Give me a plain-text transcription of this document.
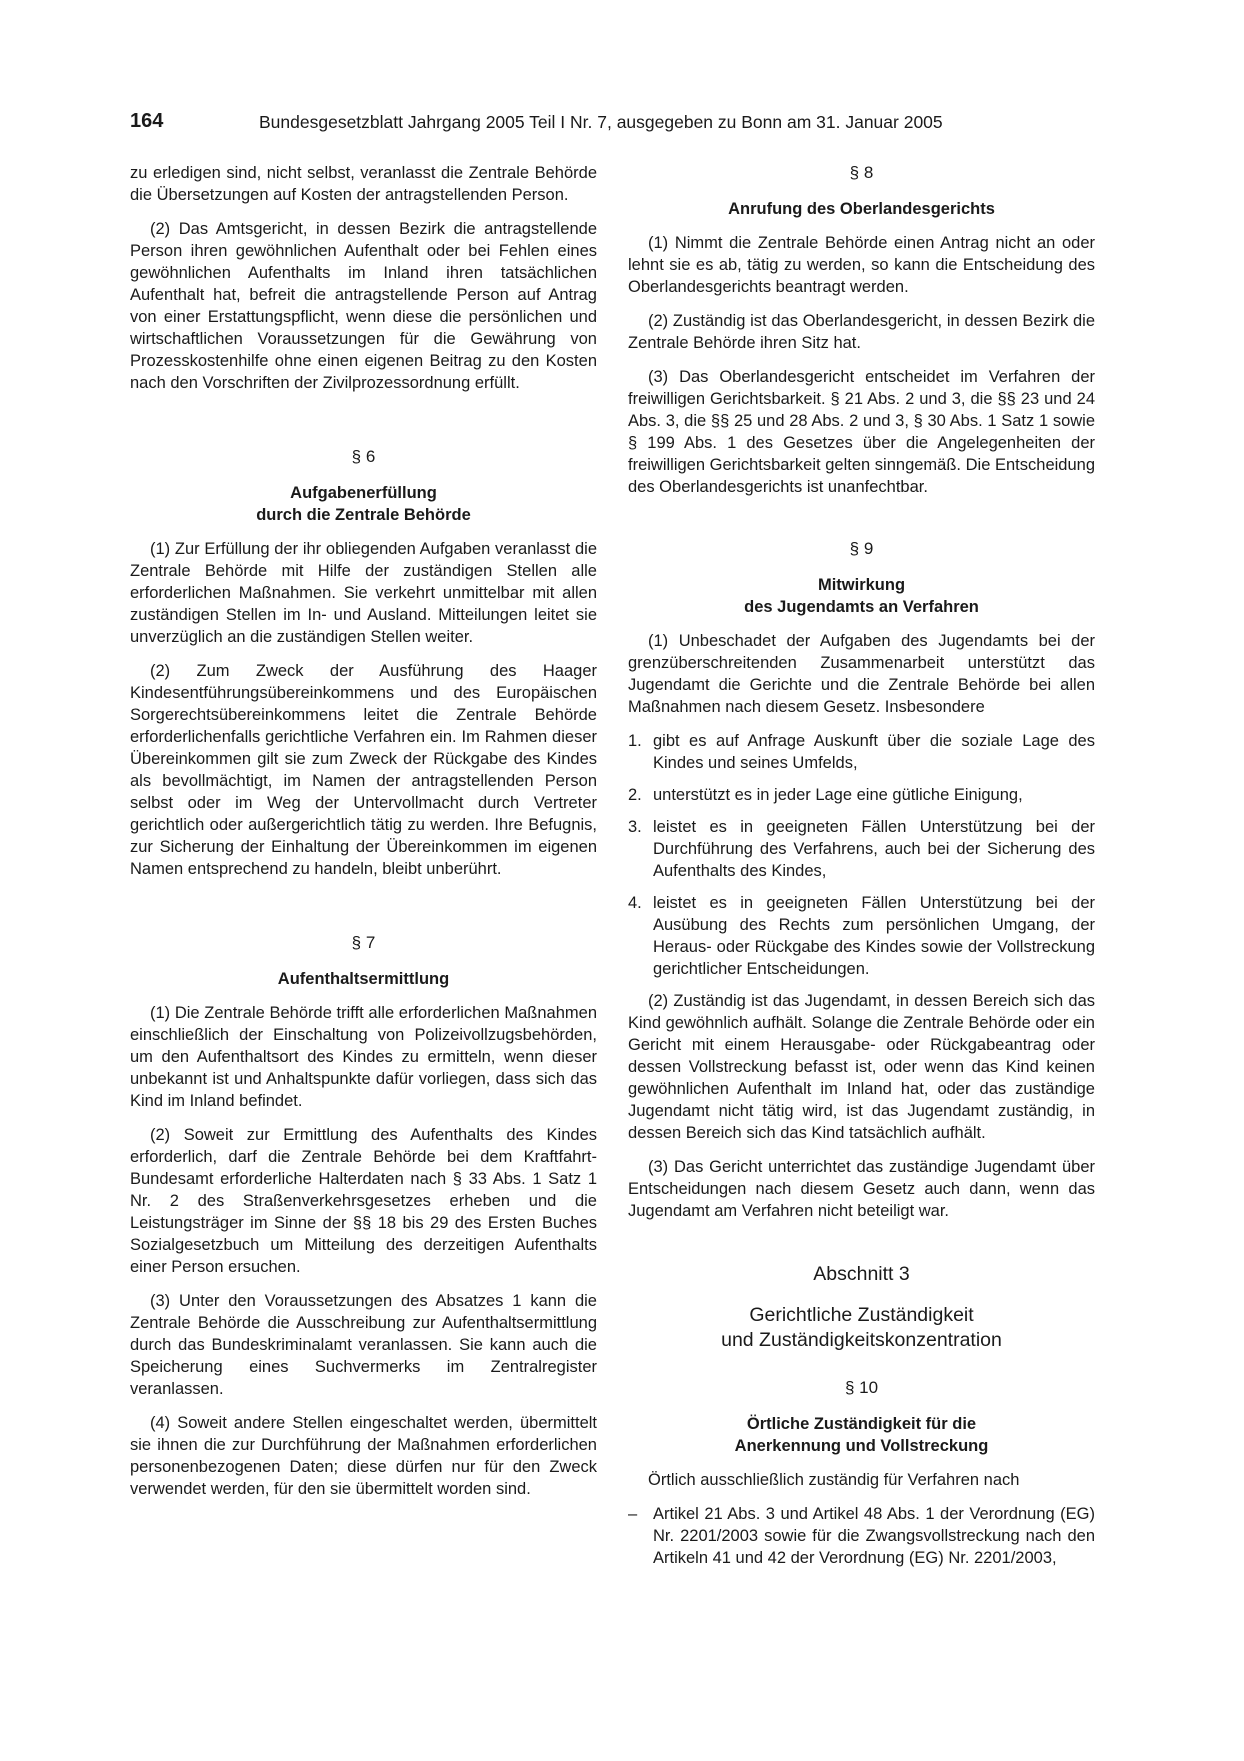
164	Bundesgesetzblatt Jahrgang 2005 Teil I Nr. 7, ausgegeben zu Bonn am 31. Januar 2005

zu erledigen sind, nicht selbst, veranlasst die Zentrale Behörde die Übersetzungen auf Kosten der antragstellenden Person.

(2) Das Amtsgericht, in dessen Bezirk die antragstellende Person ihren gewöhnlichen Aufenthalt oder bei Fehlen eines gewöhnlichen Aufenthalts im Inland ihren tatsächlichen Aufenthalt hat, befreit die antragstellende Person auf Antrag von einer Erstattungspflicht, wenn diese die persönlichen und wirtschaftlichen Voraussetzungen für die Gewährung von Prozesskostenhilfe ohne einen eigenen Beitrag zu den Kosten nach den Vorschriften der Zivilprozessordnung erfüllt.

§ 6
Aufgabenerfüllung
durch die Zentrale Behörde

(1) Zur Erfüllung der ihr obliegenden Aufgaben veranlasst die Zentrale Behörde mit Hilfe der zuständigen Stellen alle erforderlichen Maßnahmen. Sie verkehrt unmittelbar mit allen zuständigen Stellen im In- und Ausland. Mitteilungen leitet sie unverzüglich an die zuständigen Stellen weiter.

(2) Zum Zweck der Ausführung des Haager Kindesentführungsübereinkommens und des Europäischen Sorgerechtsübereinkommens leitet die Zentrale Behörde erforderlichenfalls gerichtliche Verfahren ein. Im Rahmen dieser Übereinkommen gilt sie zum Zweck der Rückgabe des Kindes als bevollmächtigt, im Namen der antragstellenden Person selbst oder im Weg der Untervollmacht durch Vertreter gerichtlich oder außergerichtlich tätig zu werden. Ihre Befugnis, zur Sicherung der Einhaltung der Übereinkommen im eigenen Namen entsprechend zu handeln, bleibt unberührt.

§ 7
Aufenthaltsermittlung

(1) Die Zentrale Behörde trifft alle erforderlichen Maßnahmen einschließlich der Einschaltung von Polizeivollzugsbehörden, um den Aufenthaltsort des Kindes zu ermitteln, wenn dieser unbekannt ist und Anhaltspunkte dafür vorliegen, dass sich das Kind im Inland befindet.

(2) Soweit zur Ermittlung des Aufenthalts des Kindes erforderlich, darf die Zentrale Behörde bei dem Kraftfahrt-Bundesamt erforderliche Halterdaten nach § 33 Abs. 1 Satz 1 Nr. 2 des Straßenverkehrsgesetzes erheben und die Leistungsträger im Sinne der §§ 18 bis 29 des Ersten Buches Sozialgesetzbuch um Mitteilung des derzeitigen Aufenthalts einer Person ersuchen.

(3) Unter den Voraussetzungen des Absatzes 1 kann die Zentrale Behörde die Ausschreibung zur Aufenthaltsermittlung durch das Bundeskriminalamt veranlassen. Sie kann auch die Speicherung eines Suchvermerks im Zentralregister veranlassen.

(4) Soweit andere Stellen eingeschaltet werden, übermittelt sie ihnen die zur Durchführung der Maßnahmen erforderlichen personenbezogenen Daten; diese dürfen nur für den Zweck verwendet werden, für den sie übermittelt worden sind.

§ 8
Anrufung des Oberlandesgerichts

(1) Nimmt die Zentrale Behörde einen Antrag nicht an oder lehnt sie es ab, tätig zu werden, so kann die Entscheidung des Oberlandesgerichts beantragt werden.

(2) Zuständig ist das Oberlandesgericht, in dessen Bezirk die Zentrale Behörde ihren Sitz hat.

(3) Das Oberlandesgericht entscheidet im Verfahren der freiwilligen Gerichtsbarkeit. § 21 Abs. 2 und 3, die §§ 23 und 24 Abs. 3, die §§ 25 und 28 Abs. 2 und 3, § 30 Abs. 1 Satz 1 sowie § 199 Abs. 1 des Gesetzes über die Angelegenheiten der freiwilligen Gerichtsbarkeit gelten sinngemäß. Die Entscheidung des Oberlandesgerichts ist unanfechtbar.

§ 9
Mitwirkung
des Jugendamts an Verfahren

(1) Unbeschadet der Aufgaben des Jugendamts bei der grenzüberschreitenden Zusammenarbeit unterstützt das Jugendamt die Gerichte und die Zentrale Behörde bei allen Maßnahmen nach diesem Gesetz. Insbesondere

1. gibt es auf Anfrage Auskunft über die soziale Lage des Kindes und seines Umfelds,
2. unterstützt es in jeder Lage eine gütliche Einigung,
3. leistet es in geeigneten Fällen Unterstützung bei der Durchführung des Verfahrens, auch bei der Sicherung des Aufenthalts des Kindes,
4. leistet es in geeigneten Fällen Unterstützung bei der Ausübung des Rechts zum persönlichen Umgang, der Heraus- oder Rückgabe des Kindes sowie der Vollstreckung gerichtlicher Entscheidungen.

(2) Zuständig ist das Jugendamt, in dessen Bereich sich das Kind gewöhnlich aufhält. Solange die Zentrale Behörde oder ein Gericht mit einem Herausgabe- oder Rückgabeantrag oder dessen Vollstreckung befasst ist, oder wenn das Kind keinen gewöhnlichen Aufenthalt im Inland hat, oder das zuständige Jugendamt nicht tätig wird, ist das Jugendamt zuständig, in dessen Bereich sich das Kind tatsächlich aufhält.

(3) Das Gericht unterrichtet das zuständige Jugendamt über Entscheidungen nach diesem Gesetz auch dann, wenn das Jugendamt am Verfahren nicht beteiligt war.

Abschnitt 3
Gerichtliche Zuständigkeit
und Zuständigkeitskonzentration
§ 10
Örtliche Zuständigkeit für die
Anerkennung und Vollstreckung

Örtlich ausschließlich zuständig für Verfahren nach

– Artikel 21 Abs. 3 und Artikel 48 Abs. 1 der Verordnung (EG) Nr. 2201/2003 sowie für die Zwangsvollstreckung nach den Artikeln 41 und 42 der Verordnung (EG) Nr. 2201/2003,
